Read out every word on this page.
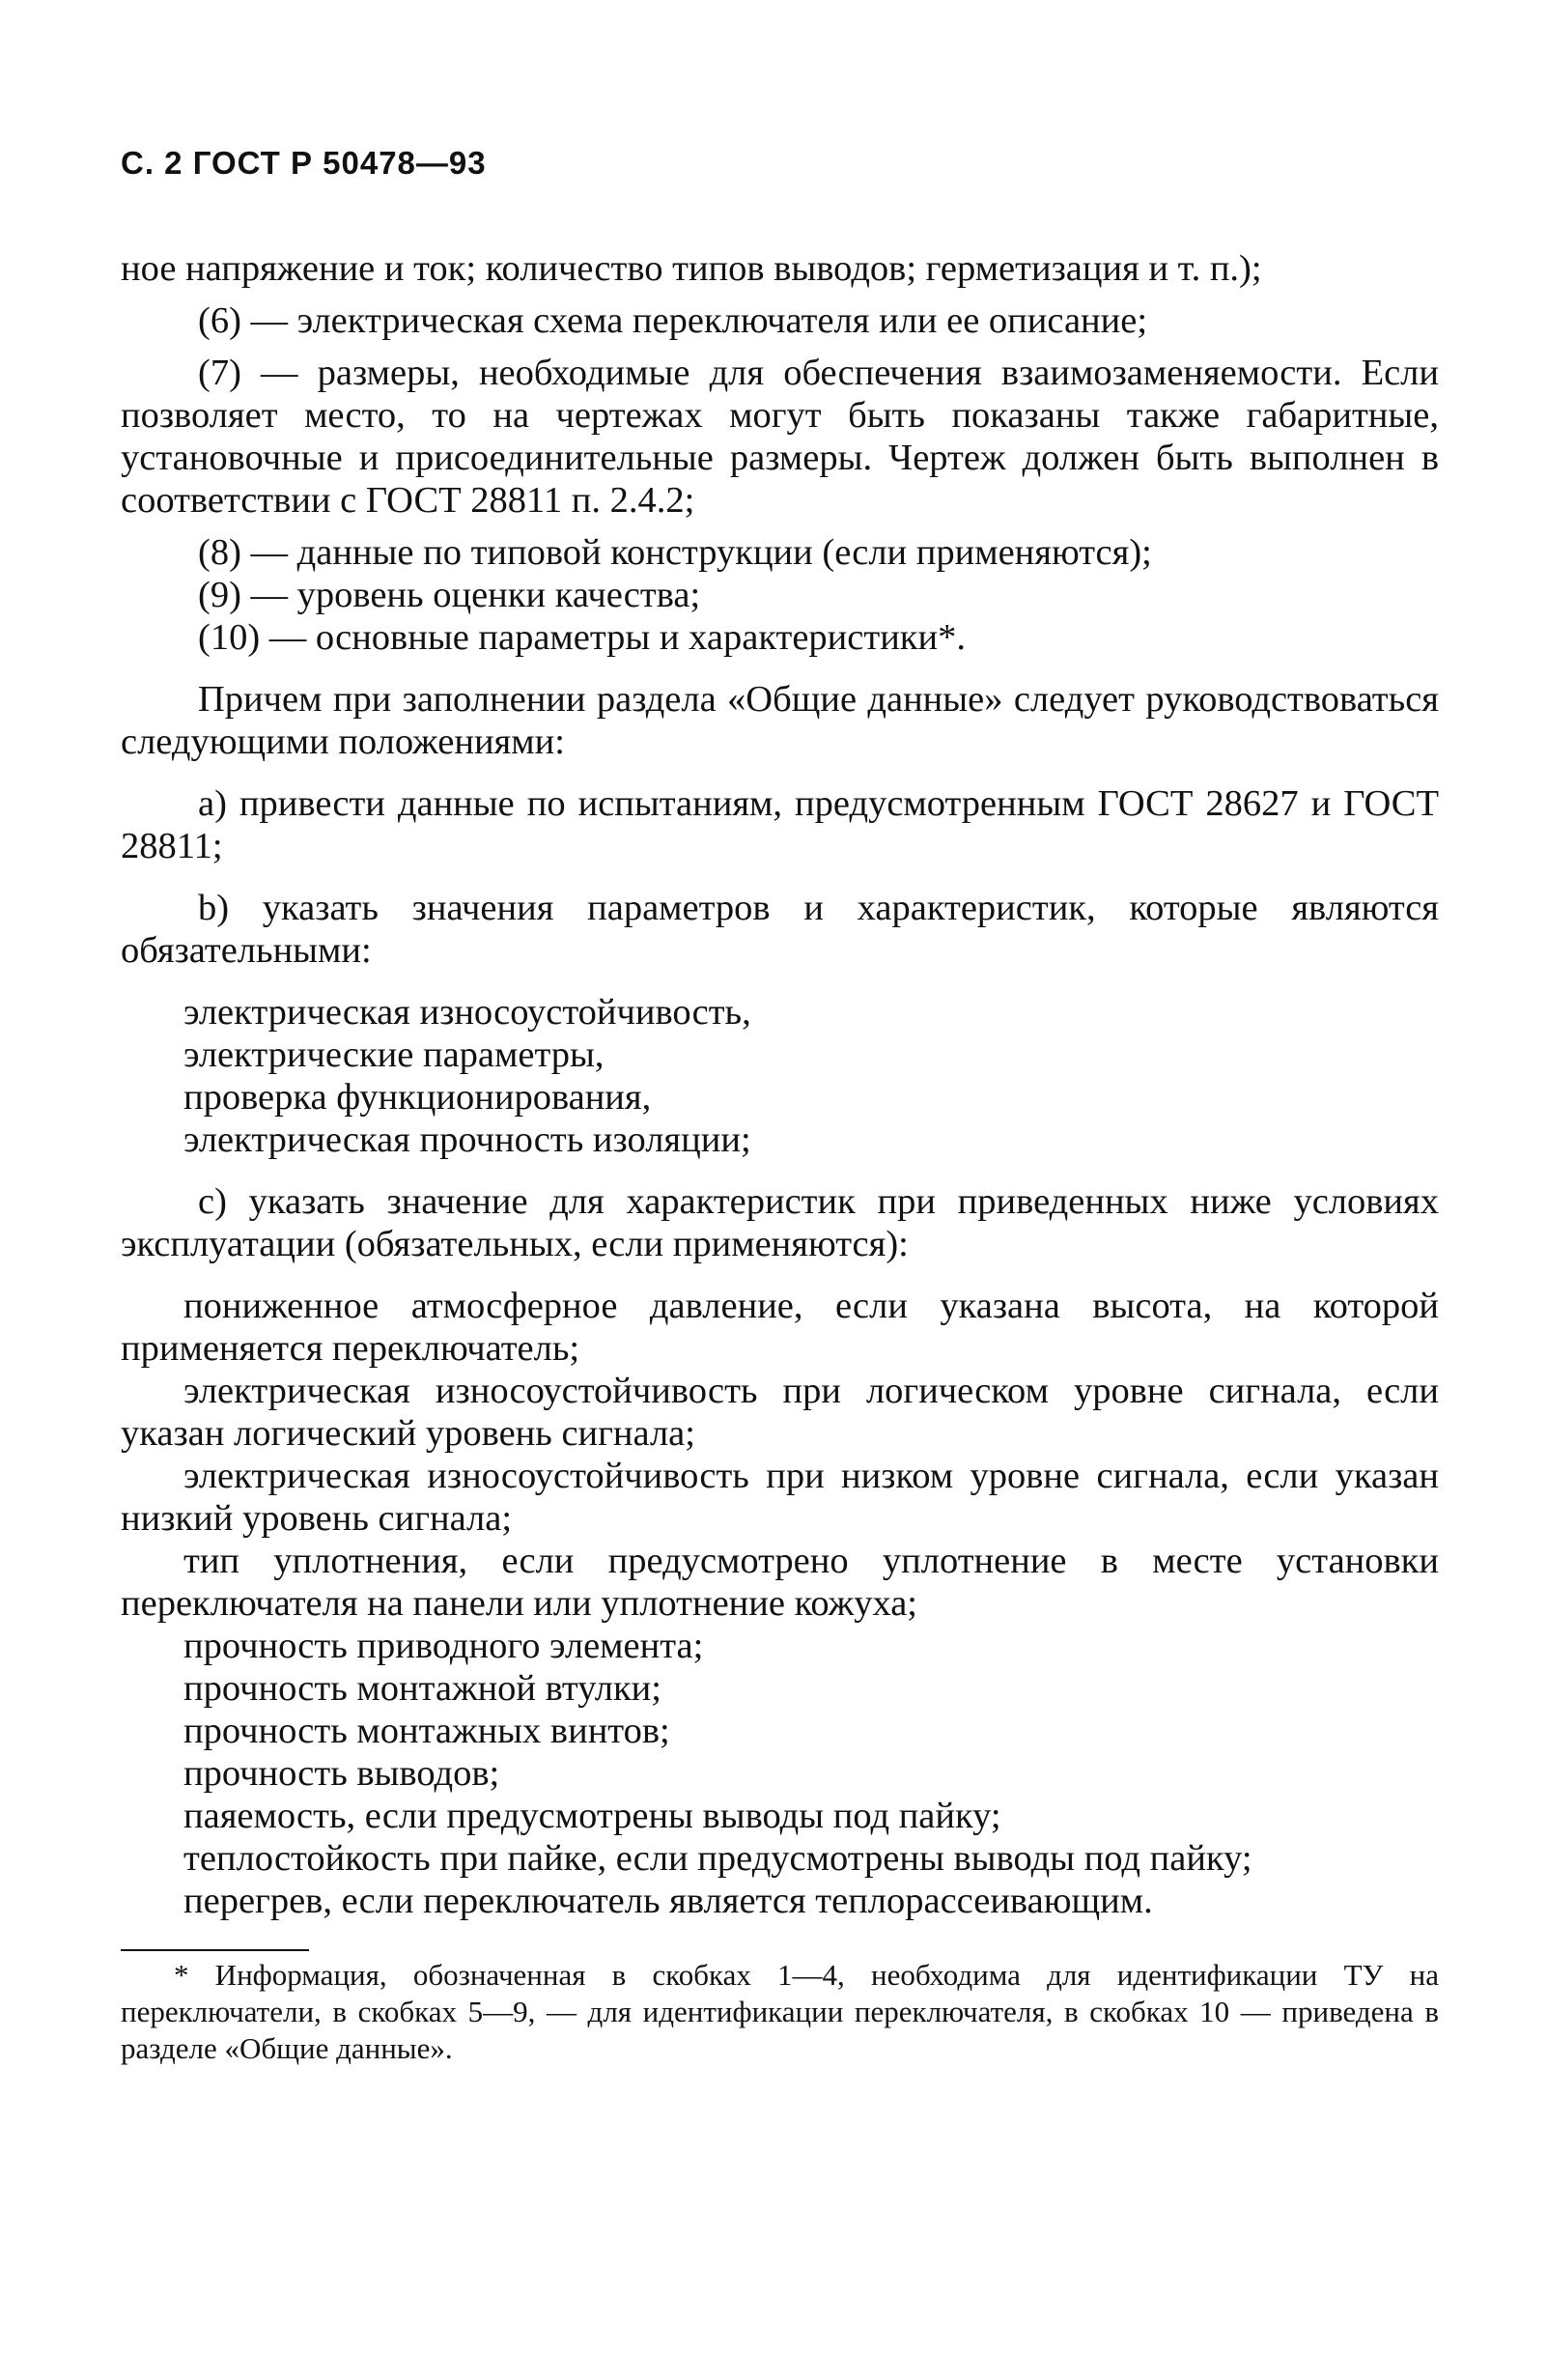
С. 2 ГОСТ Р 50478—93

ное напряжение и ток; количество типов выводов; герметизация и т. п.);

(6) — электрическая схема переключателя или ее описание;

(7) — размеры, необходимые для обеспечения взаимозаменяемости. Если позволяет место, то на чертежах могут быть показаны также габаритные, установочные и присоединительные размеры. Чертеж должен быть выполнен в соответствии с ГОСТ 28811 п. 2.4.2;

(8) — данные по типовой конструкции (если применяются);

(9) — уровень оценки качества;

(10) — основные параметры и характеристики*.

Причем при заполнении раздела «Общие данные» следует руководствоваться следующими положениями:

a) привести данные по испытаниям, предусмотренным ГОСТ 28627 и ГОСТ 28811;

b) указать значения параметров и характеристик, которые являются обязательными:

электрическая износоустойчивость,

электрические параметры,

проверка функционирования,

электрическая прочность изоляции;

c) указать значение для характеристик при приведенных ниже условиях эксплуатации (обязательных, если применяются):

пониженное атмосферное давление, если указана высота, на которой применяется переключатель;

электрическая износоустойчивость при логическом уровне сигнала, если указан логический уровень сигнала;

электрическая износоустойчивость при низком уровне сигнала, если указан низкий уровень сигнала;

тип уплотнения, если предусмотрено уплотнение в месте установки переключателя на панели или уплотнение кожуха;

прочность приводного элемента;

прочность монтажной втулки;

прочность монтажных винтов;

прочность выводов;

паяемость, если предусмотрены выводы под пайку;

теплостойкость при пайке, если предусмотрены выводы под пайку;

перегрев, если переключатель является теплорассеивающим.

* Информация, обозначенная в скобках 1—4, необходима для идентификации ТУ на переключатели, в скобках 5—9, — для идентификации переключателя, в скобках 10 — приведена в разделе «Общие данные».
